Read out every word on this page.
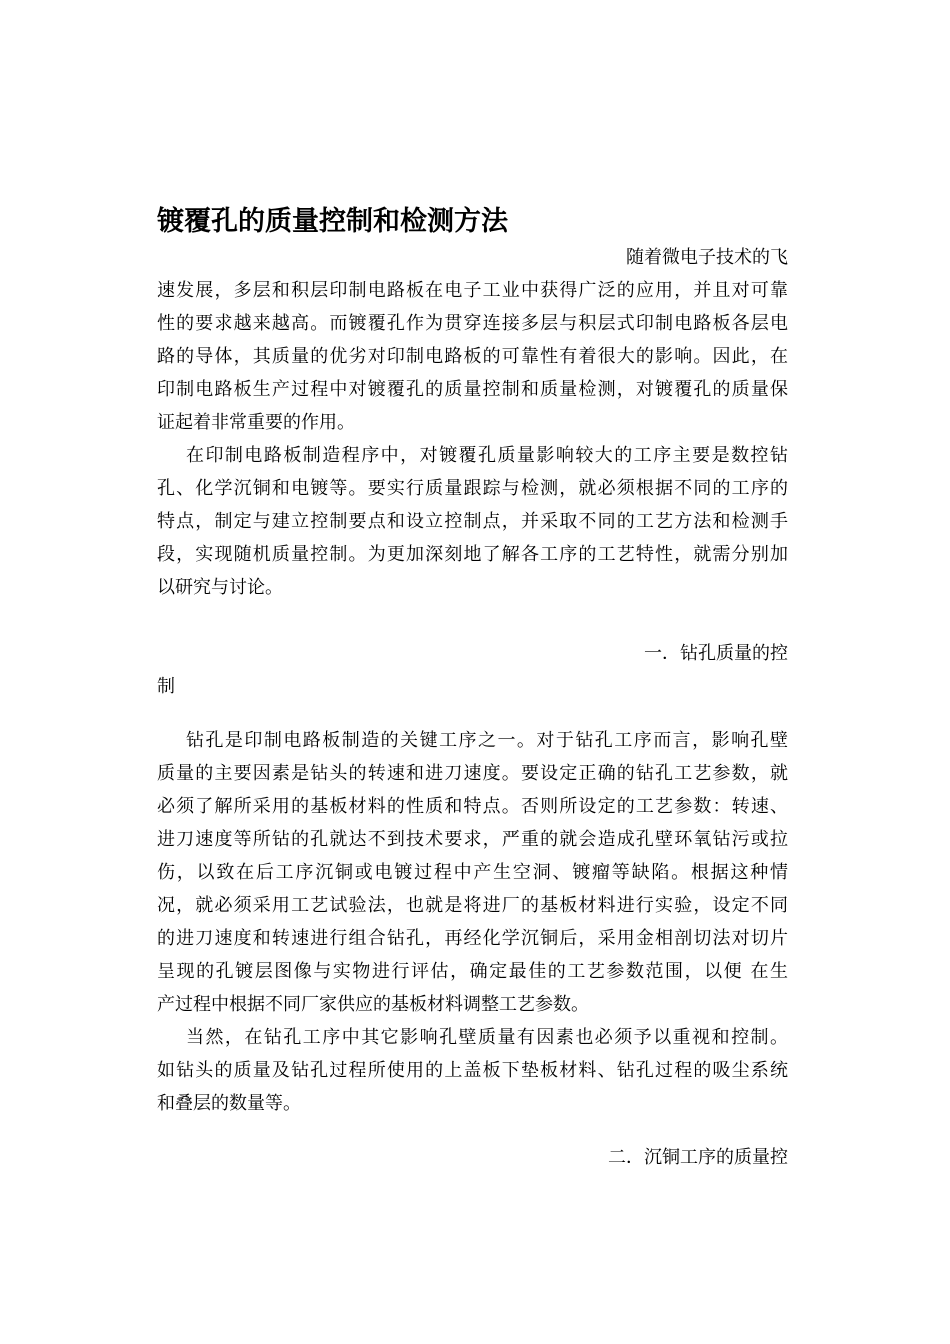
镀覆孔的质量控制和检测方法
随着微电子技术的飞
速发展，多层和积层印制电路板在电子工业中获得广泛的应用，并且对可靠
性的要求越来越高。而镀覆孔作为贯穿连接多层与积层式印制电路板各层电
路的导体，其质量的优劣对印制电路板的可靠性有着很大的影响。因此，在
印制电路板生产过程中对镀覆孔的质量控制和质量检测，对镀覆孔的质量保
证起着非常重要的作用。
在印制电路板制造程序中，对镀覆孔质量影响较大的工序主要是数控钻
孔、化学沉铜和电镀等。要实行质量跟踪与检测，就必须根据不同的工序的
特点，制定与建立控制要点和设立控制点，并采取不同的工艺方法和检测手
段，实现随机质量控制。为更加深刻地了解各工序的工艺特性，就需分别加
以研究与讨论。
一．钻孔质量的控
制
钻孔是印制电路板制造的关键工序之一。对于钻孔工序而言，影响孔壁
质量的主要因素是钻头的转速和进刀速度。要设定正确的钻孔工艺参数，就
必须了解所采用的基板材料的性质和特点。否则所设定的工艺参数：转速、
进刀速度等所钻的孔就达不到技术要求，严重的就会造成孔壁环氧钻污或拉
伤，以致在后工序沉铜或电镀过程中产生空洞、镀瘤等缺陷。根据这种情
况，就必须采用工艺试验法，也就是将进厂的基板材料进行实验，设定不同
的进刀速度和转速进行组合钻孔，再经化学沉铜后，采用金相剖切法对切片
呈现的孔镀层图像与实物进行评估，确定最佳的工艺参数范围，以便 在生
产过程中根据不同厂家供应的基板材料调整工艺参数。
当然，在钻孔工序中其它影响孔壁质量有因素也必须予以重视和控制。
如钻头的质量及钻孔过程所使用的上盖板下垫板材料、钻孔过程的吸尘系统
和叠层的数量等。
二．沉铜工序的质量控
